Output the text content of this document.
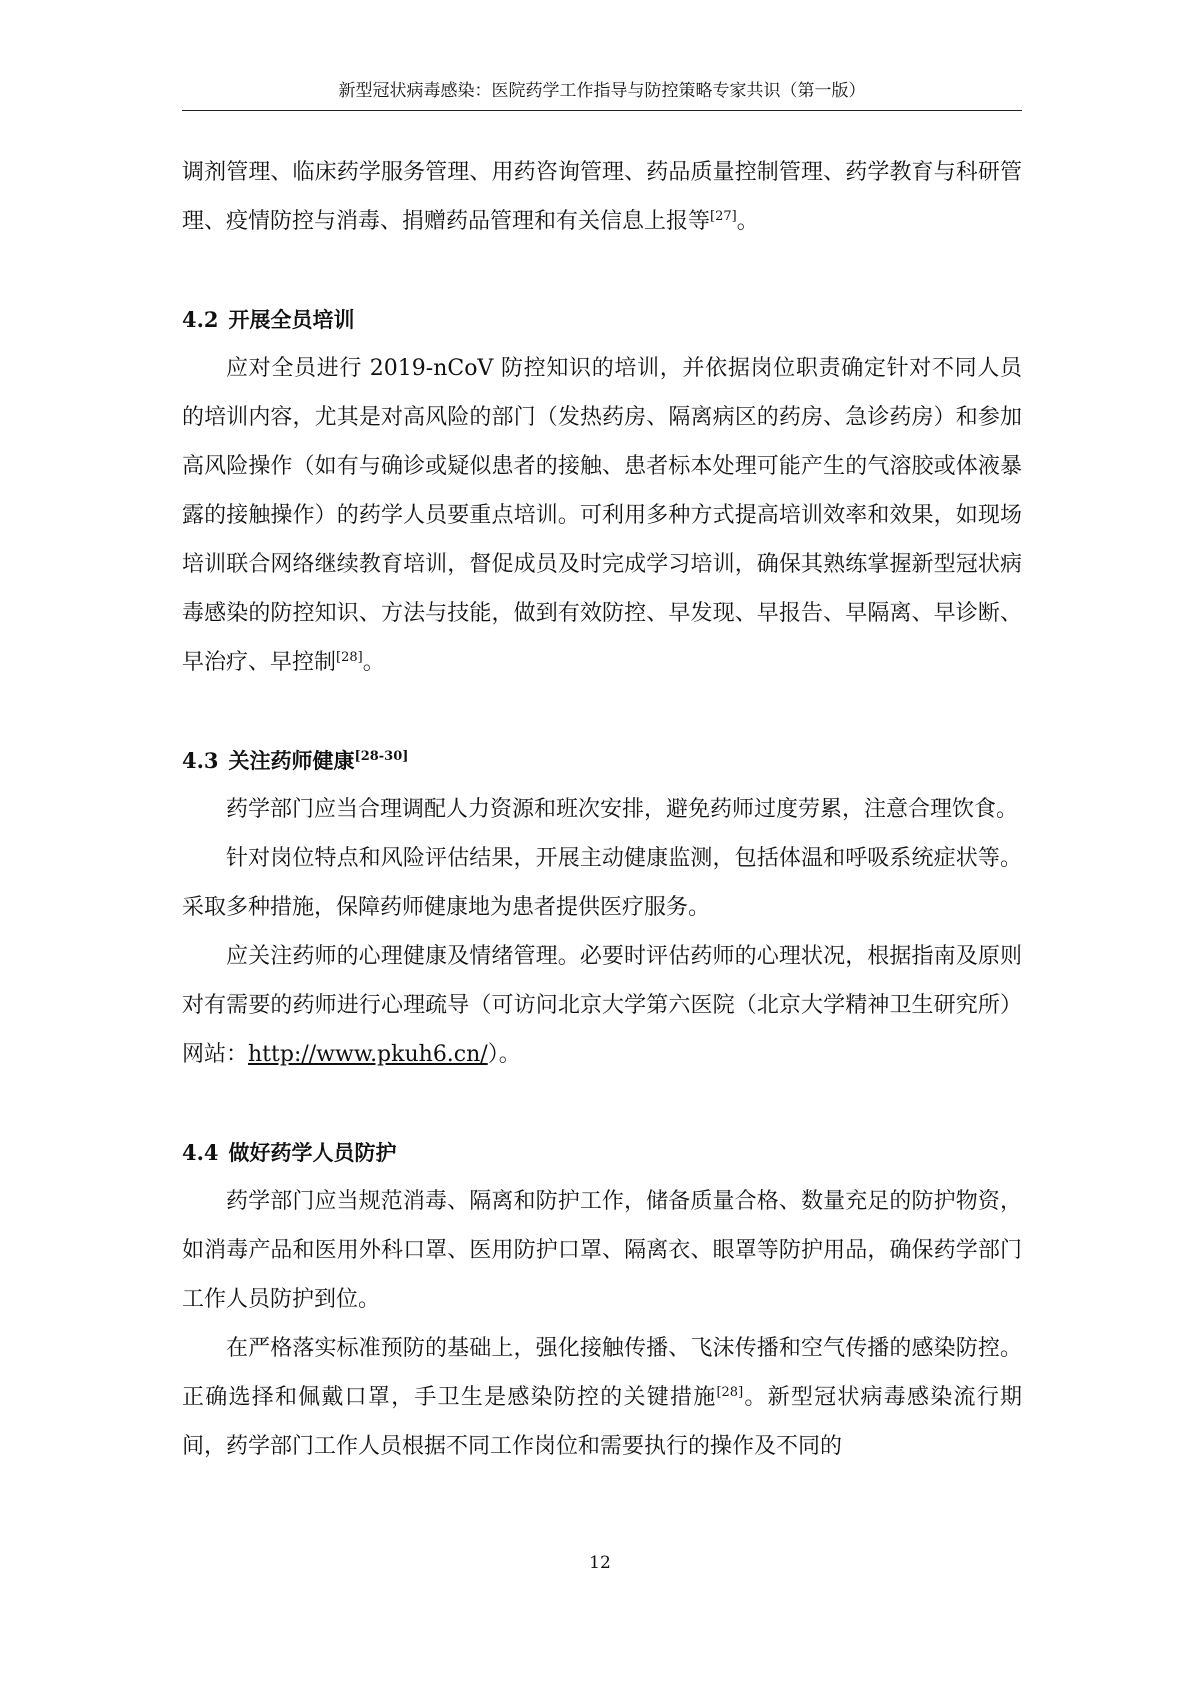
新型冠状病毒感染：医院药学工作指导与防控策略专家共识（第一版）

调剂管理、临床药学服务管理、用药咨询管理、药品质量控制管理、药学教育与科研管理、疫情防控与消毒、捐赠药品管理和有关信息上报等[27]。

4.2 开展全员培训

应对全员进行 2019-nCoV 防控知识的培训，并依据岗位职责确定针对不同人员的培训内容，尤其是对高风险的部门（发热药房、隔离病区的药房、急诊药房）和参加高风险操作（如有与确诊或疑似患者的接触、患者标本处理可能产生的气溶胶或体液暴露的接触操作）的药学人员要重点培训。可利用多种方式提高培训效率和效果，如现场培训联合网络继续教育培训，督促成员及时完成学习培训，确保其熟练掌握新型冠状病毒感染的防控知识、方法与技能，做到有效防控、早发现、早报告、早隔离、早诊断、早治疗、早控制[28]。

4.3 关注药师健康[28-30]

药学部门应当合理调配人力资源和班次安排，避免药师过度劳累，注意合理饮食。

针对岗位特点和风险评估结果，开展主动健康监测，包括体温和呼吸系统症状等。采取多种措施，保障药师健康地为患者提供医疗服务。

应关注药师的心理健康及情绪管理。必要时评估药师的心理状况，根据指南及原则对有需要的药师进行心理疏导（可访问北京大学第六医院（北京大学精神卫生研究所）网站：http://www.pkuh6.cn/）。

4.4 做好药学人员防护

药学部门应当规范消毒、隔离和防护工作，储备质量合格、数量充足的防护物资，如消毒产品和医用外科口罩、医用防护口罩、隔离衣、眼罩等防护用品，确保药学部门工作人员防护到位。

在严格落实标准预防的基础上，强化接触传播、飞沫传播和空气传播的感染防控。正确选择和佩戴口罩，手卫生是感染防控的关键措施[28]。新型冠状病毒感染流行期间，药学部门工作人员根据不同工作岗位和需要执行的操作及不同的

12
